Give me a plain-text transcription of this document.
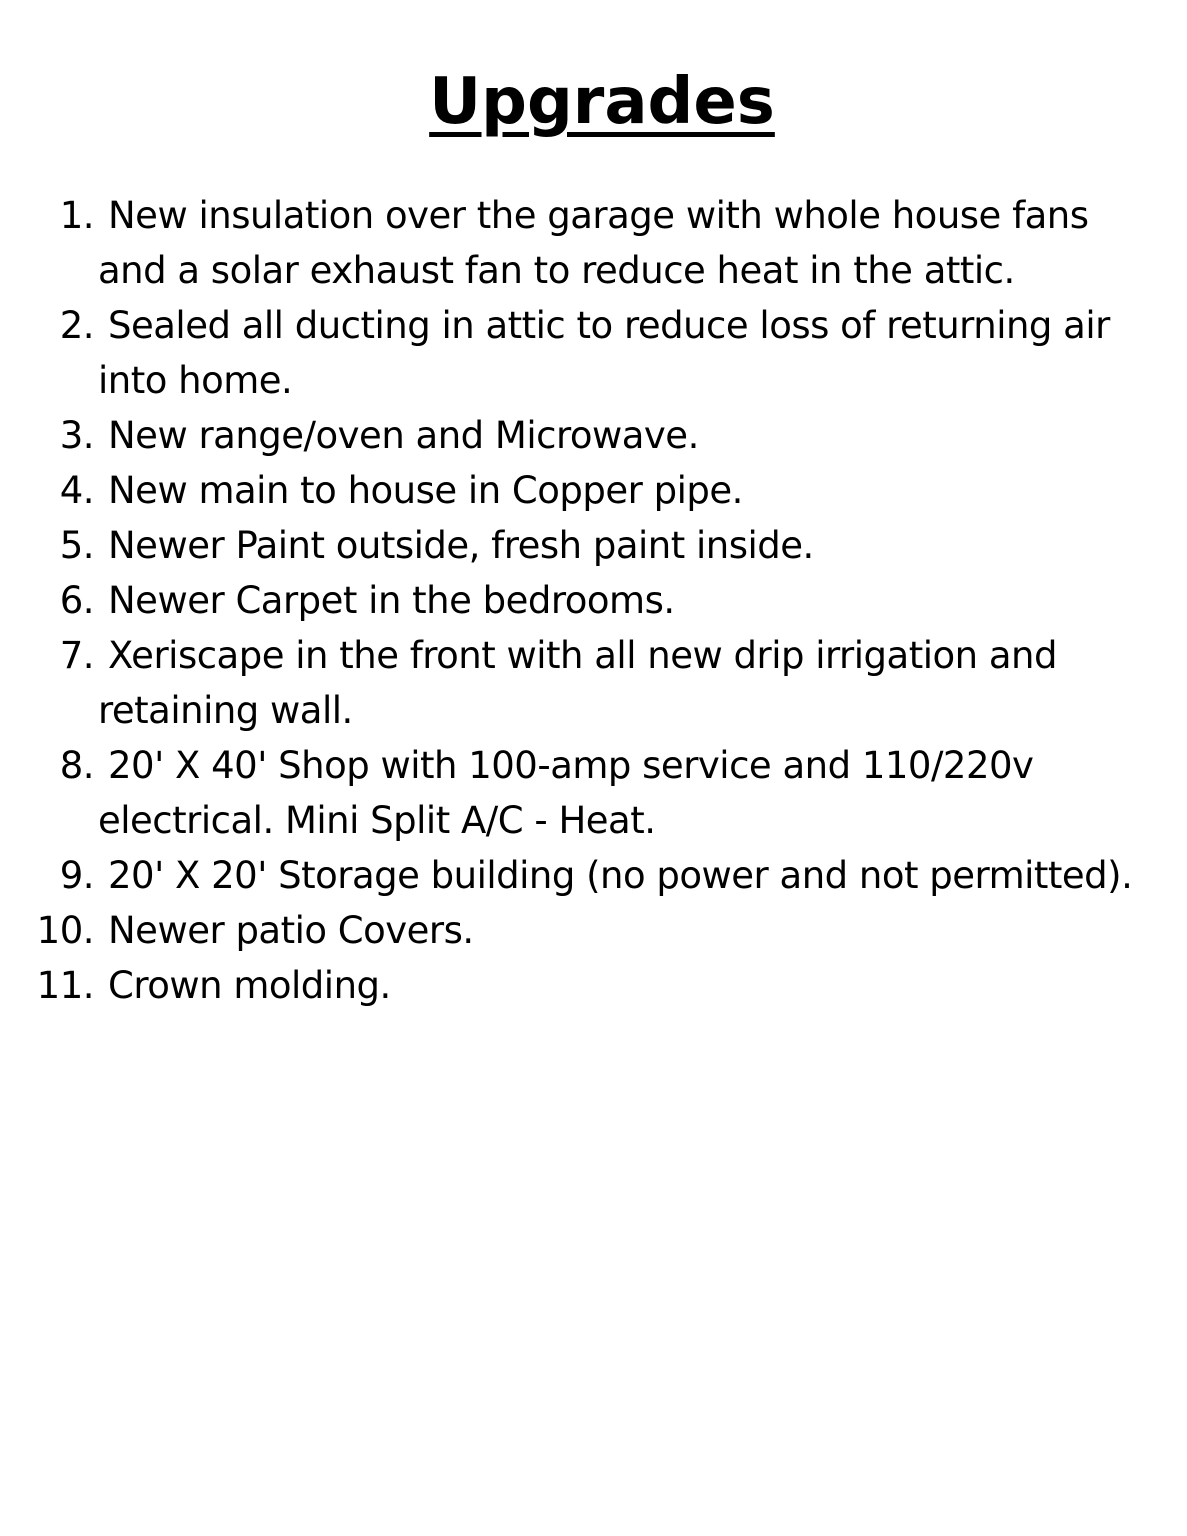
Upgrades
1. New insulation over the garage with whole house fans and a solar exhaust fan to reduce heat in the attic.
2. Sealed all ducting in attic to reduce loss of returning air into home.
3. New range/oven and Microwave.
4. New main to house in Copper pipe.
5. Newer Paint outside, fresh paint inside.
6. Newer Carpet in the bedrooms.
7. Xeriscape in the front with all new drip irrigation and retaining wall.
8. 20' X 40' Shop with 100-amp service and 110/220v electrical. Mini Split A/C - Heat.
9. 20' X 20' Storage building (no power and not permitted).
10. Newer patio Covers.
11. Crown molding.
